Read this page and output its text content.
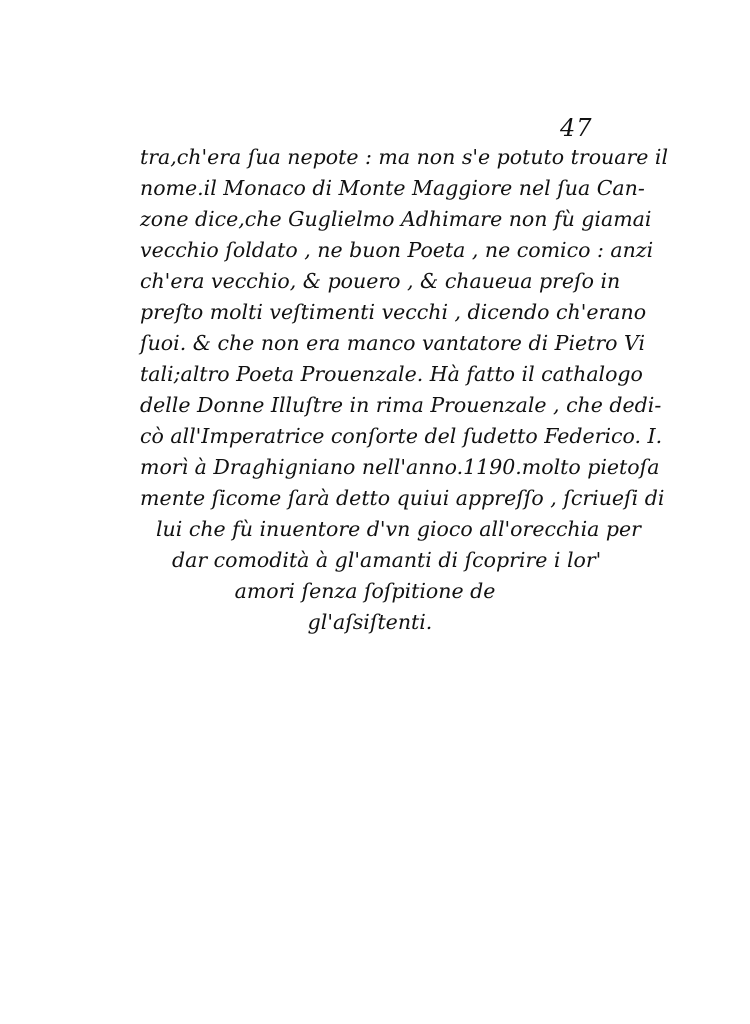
47
tra,ch'era ſua nepote : ma non s'e potuto trouare il
nome.il Monaco di Monte Maggiore nel ſua Can-
zone dice,che Guglielmo Adhimare non fù giamai
vecchio ſoldato , ne buon Poeta , ne comico : anzi
ch'era vecchio, & pouero , & chaueua preſo in
preſto molti veſtimenti vecchi , dicendo ch'erano
ſuoi. & che non era manco vantatore di Pietro Vi
tali;altro Poeta Prouenzale. Hà fatto il cathalogo
delle Donne Illuſtre in rima Prouenzale , che dedi-
cò all'Imperatrice conſorte del ſudetto Federico. I.
morì à Draghigniano nell'anno.1190.molto pietoſa
mente ſicome ſarà detto quiui appreſſo , ſcriueſi di
lui che fù inuentore d'vn gioco all'orecchia per
dar comodità à gl'amanti di ſcoprire i lor'
amori ſenza ſoſpitione de
gl'aſsiſtenti.
